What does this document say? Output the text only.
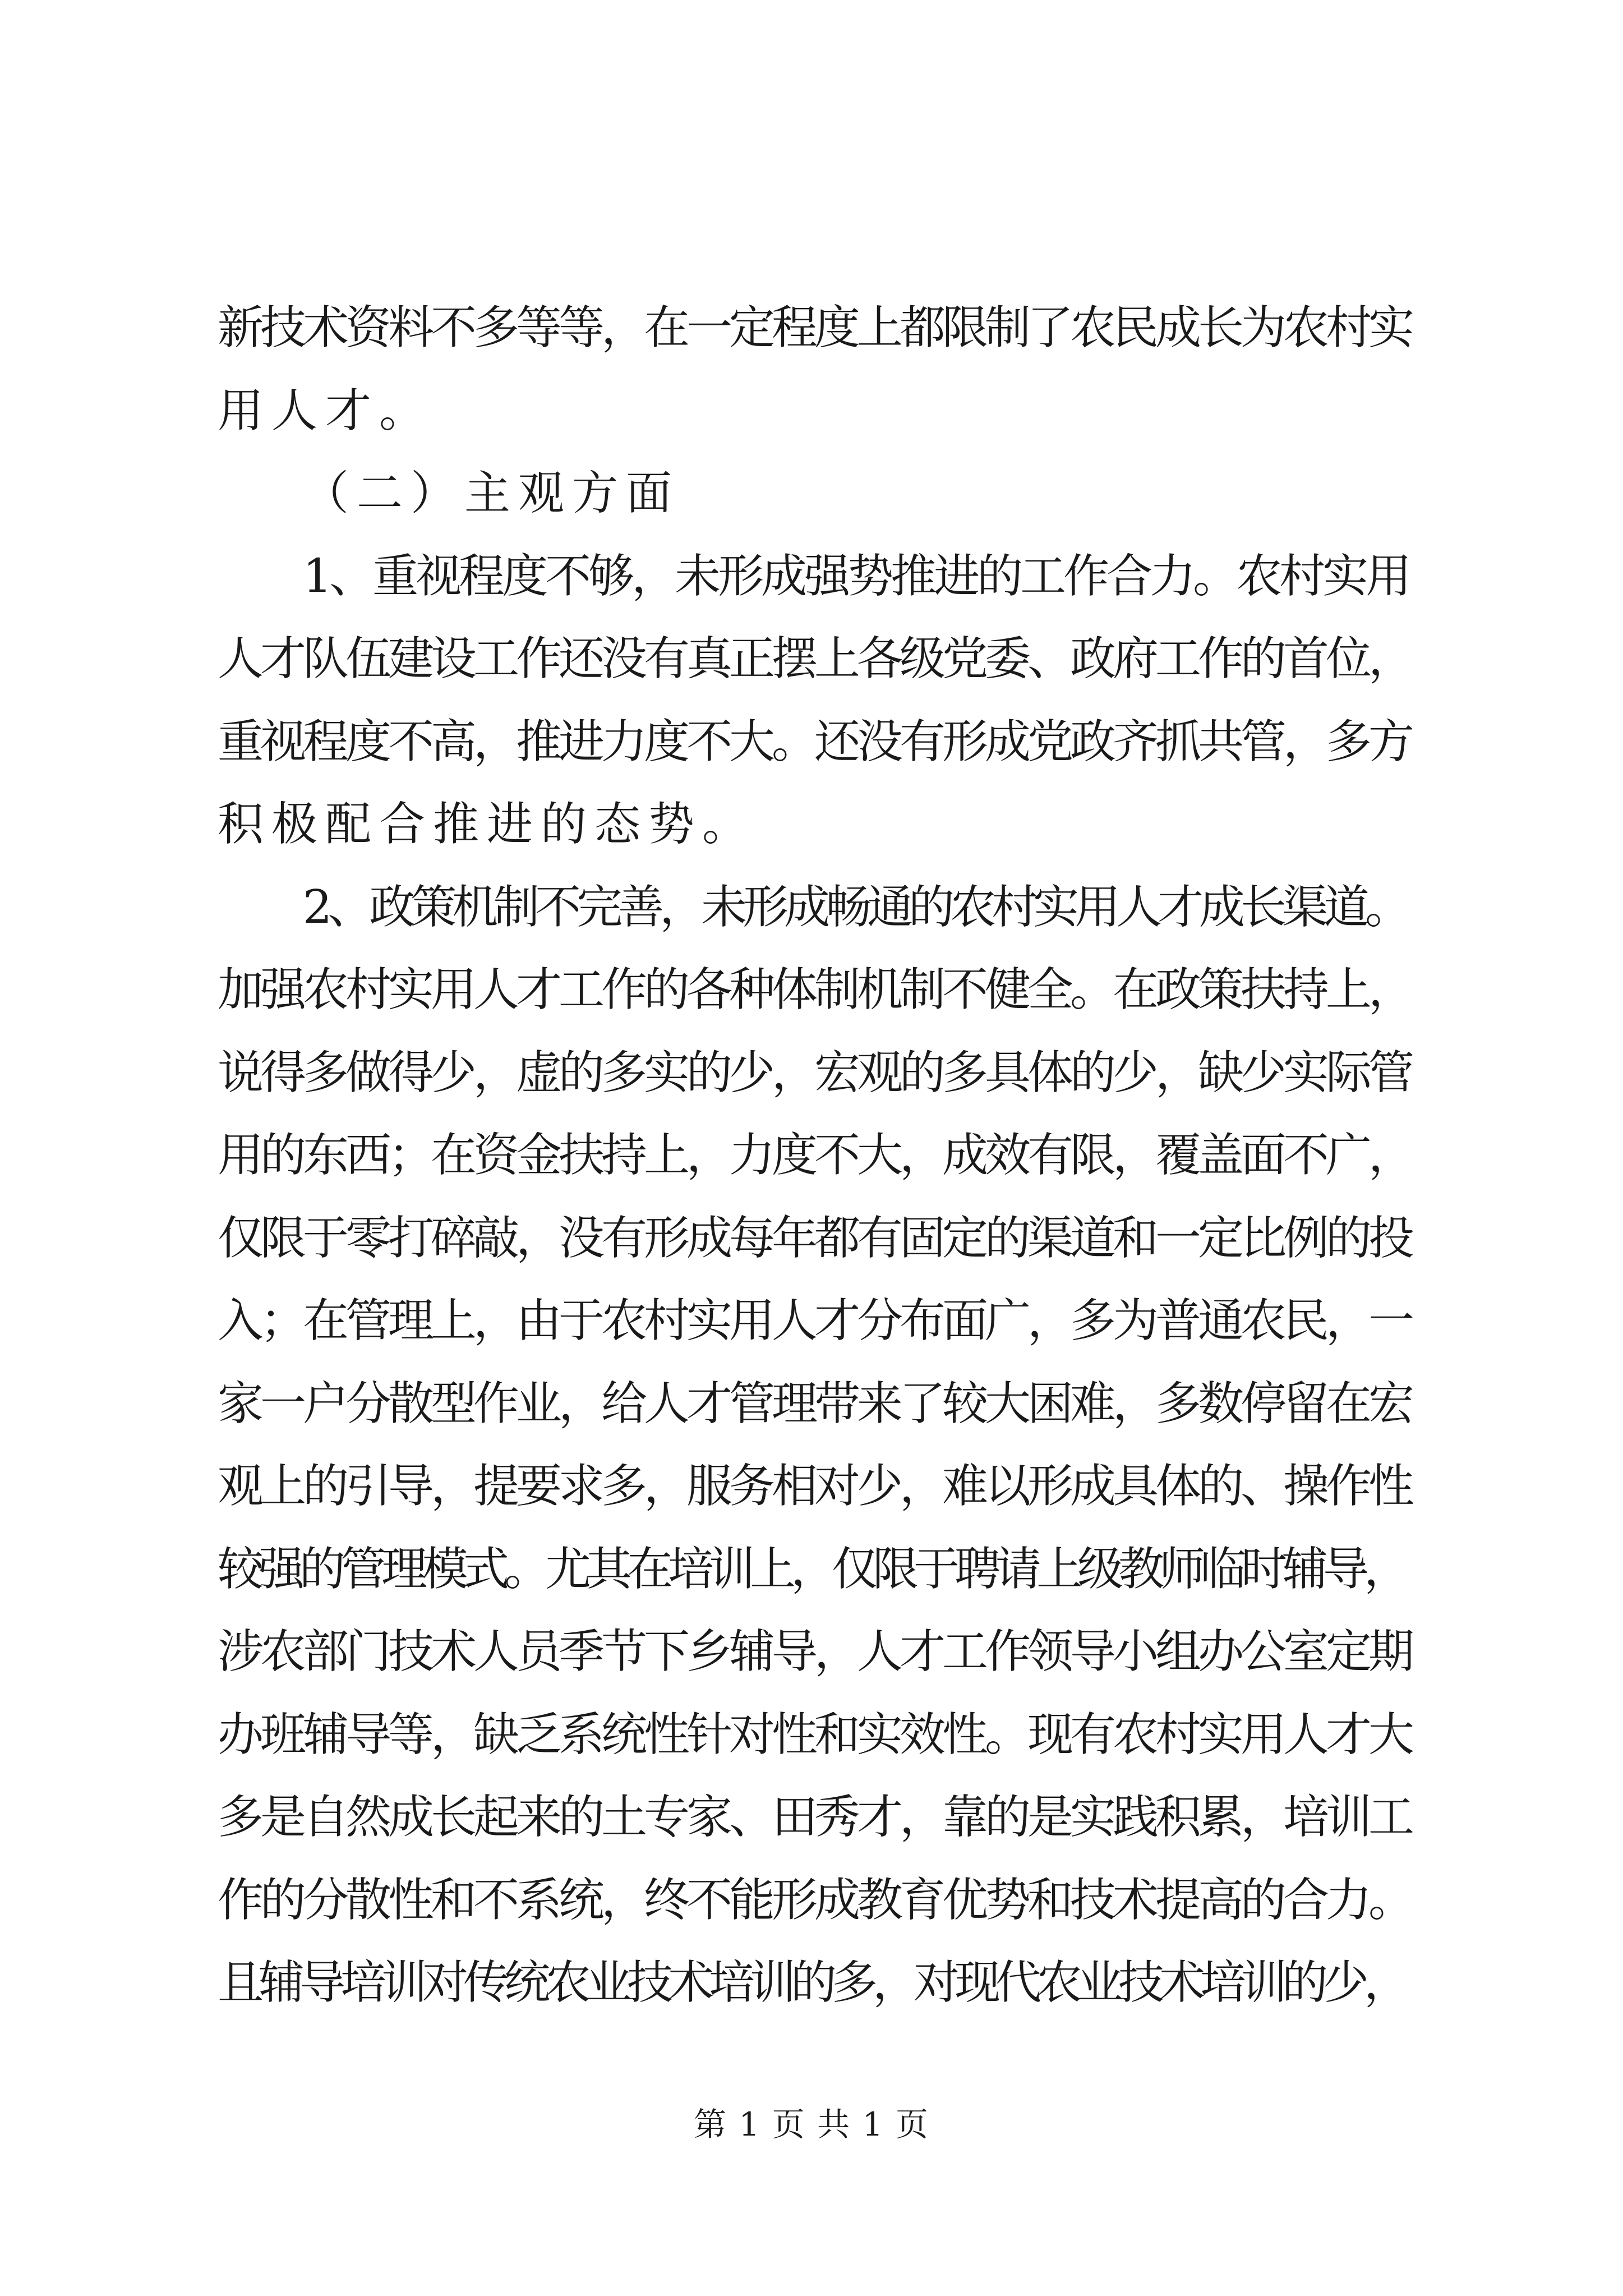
新技术资料不多等等，在一定程度上都限制了农民成长为农村实
用人才。
（二）主观方面
1、重视程度不够，未形成强势推进的工作合力。农村实用
人才队伍建设工作还没有真正摆上各级党委、政府工作的首位，
重视程度不高，推进力度不大。还没有形成党政齐抓共管，多方
积极配合推进的态势。
2、政策机制不完善，未形成畅通的农村实用人才成长渠道。
加强农村实用人才工作的各种体制机制不健全。在政策扶持上，
说得多做得少，虚的多实的少，宏观的多具体的少，缺少实际管
用的东西；在资金扶持上，力度不大，成效有限，覆盖面不广，
仅限于零打碎敲，没有形成每年都有固定的渠道和一定比例的投
入；在管理上，由于农村实用人才分布面广，多为普通农民，一
家一户分散型作业，给人才管理带来了较大困难，多数停留在宏
观上的引导，提要求多，服务相对少，难以形成具体的、操作性
较强的管理模式。尤其在培训上，仅限于聘请上级教师临时辅导，
涉农部门技术人员季节下乡辅导，人才工作领导小组办公室定期
办班辅导等，缺乏系统性针对性和实效性。现有农村实用人才大
多是自然成长起来的土专家、田秀才，靠的是实践积累，培训工
作的分散性和不系统，终不能形成教育优势和技术提高的合力。
且辅导培训对传统农业技术培训的多，对现代农业技术培训的少，
第 1 页 共 1 页
